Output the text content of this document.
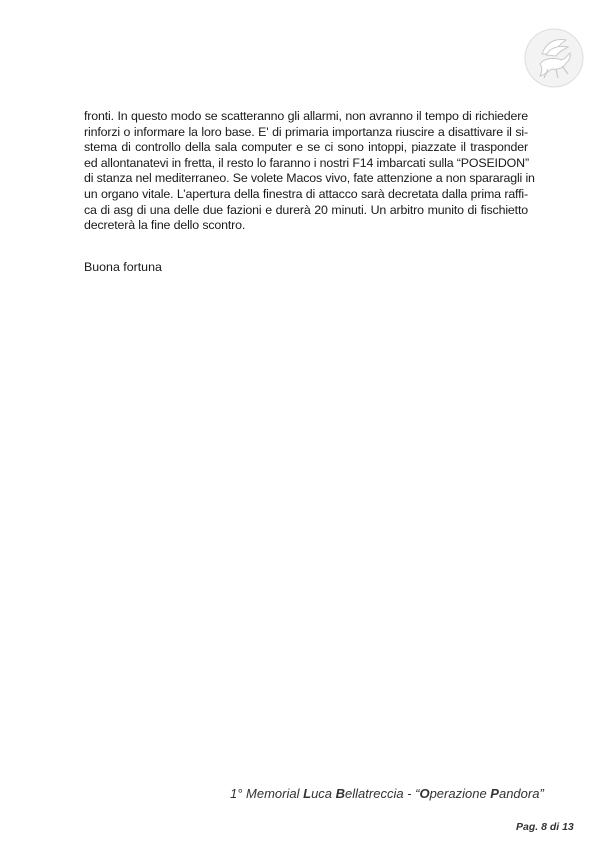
fronti. In questo modo se scatteranno gli allarmi, non avranno il tempo di richiedere
rinforzi o informare la loro base. E' di primaria importanza riuscire a disattivare il si-
stema di controllo della sala computer e se ci sono intoppi, piazzate il trasponder
ed allontanatevi in fretta, il resto lo faranno i nostri F14 imbarcati sulla “POSEIDON”
di stanza nel mediterraneo. Se volete Macos vivo, fate attenzione a non spararagli in
un organo vitale. L’apertura della finestra di attacco sarà decretata dalla prima raffi-
ca di asg di una delle due fazioni e durerà 20 minuti. Un arbitro munito di fischietto
decreterà la fine dello scontro.
Buona fortuna
1° Memorial Luca Bellatreccia - “Operazione Pandora”
Pag. 8 di 13
